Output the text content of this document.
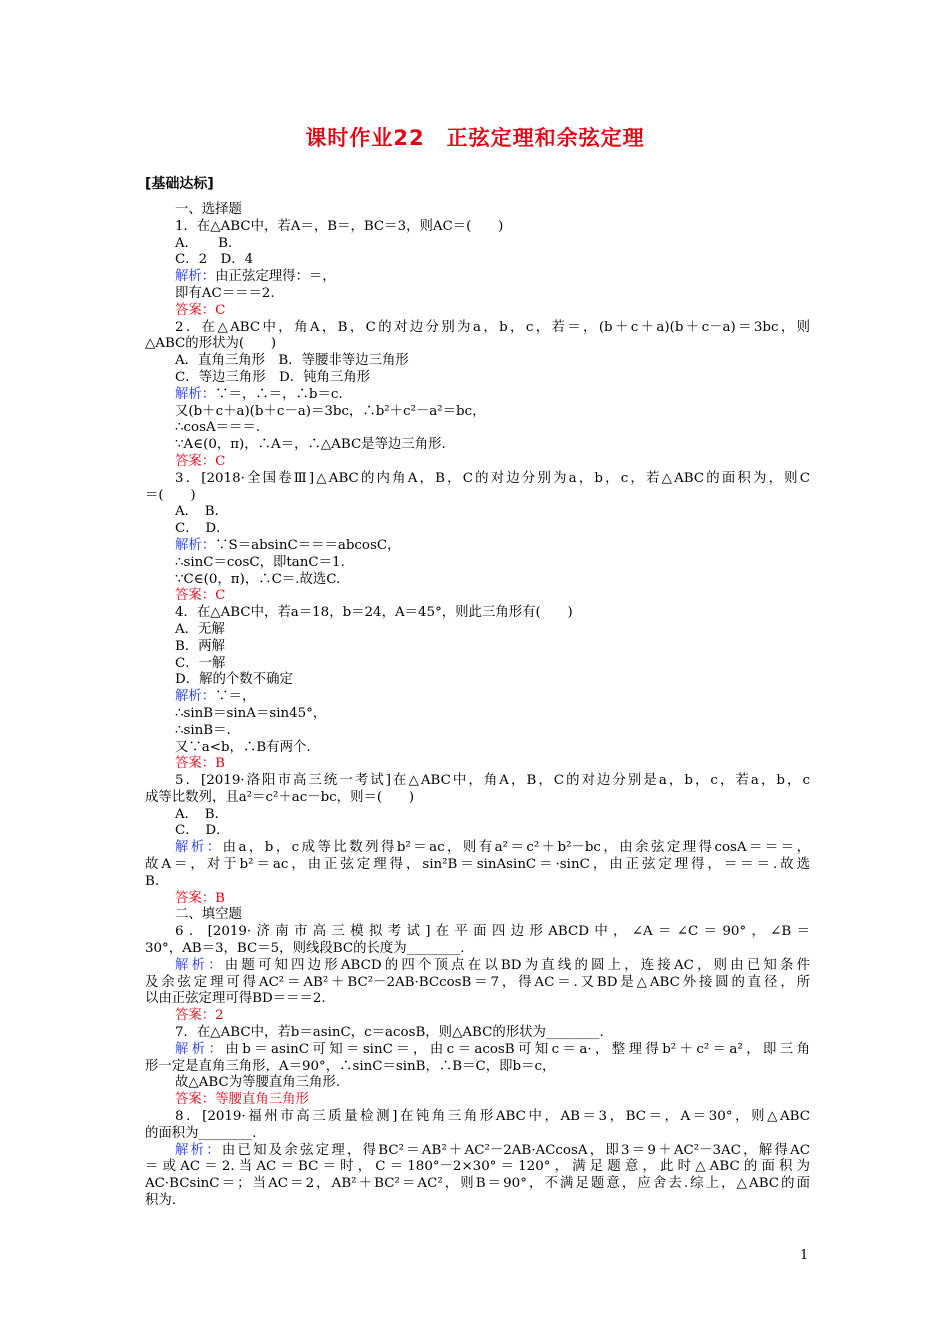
课时作业22　正弦定理和余弦定理
[基础达标]
一、选择题
1．在△ABC中，若A＝，B＝，BC＝3，则AC＝(　　)
A．　　B．
C．2　D．4
解析：由正弦定理得：＝，
即有AC＝＝＝2.
答案：C
2．在△ABC中，角A，B，C的对边分别为a，b，c，若＝，(b＋c＋a)(b＋c－a)＝3bc，则
△ABC的形状为(　　)
A．直角三角形　B．等腰非等边三角形
C．等边三角形　D．钝角三角形
解析：∵＝，∴＝，∴b＝c.
又(b＋c＋a)(b＋c－a)＝3bc，∴b²＋c²－a²＝bc，
∴cosA＝＝＝.
∵A∈(0，π)，∴A＝，∴△ABC是等边三角形.
答案：C
3．[2018·全国卷Ⅲ]△ABC的内角A，B，C的对边分别为a，b，c，若△ABC的面积为，则C
＝(　　)
A．　B．
C．　D．
解析：∵S＝absinC＝＝＝abcosC，
∴sinC＝cosC，即tanC＝1.
∵C∈(0，π)，∴C＝.故选C.
答案：C
4．在△ABC中，若a＝18，b＝24，A＝45°，则此三角形有(　　)
A．无解
B．两解
C．一解
D．解的个数不确定
解析：∵＝，
∴sinB＝sinA＝sin45°，
∴sinB＝.
又∵a<b，∴B有两个.
答案：B
5．[2019·洛阳市高三统一考试]在△ABC中，角A，B，C的对边分别是a，b，c，若a，b，c
成等比数列，且a²＝c²＋ac－bc，则＝(　　)
A．　B．
C．　D．
解析：由a，b，c成等比数列得b²＝ac，则有a²＝c²＋b²－bc，由余弦定理得cosA＝＝＝，
故A＝，对于b²＝ac，由正弦定理得，sin²B＝sinAsinC＝·sinC，由正弦定理得，＝＝＝.故选
B.
答案：B
二、填空题
6．[2019·济南市高三模拟考试]在平面四边形ABCD中，∠A＝∠C＝90°，∠B＝
30°，AB＝3，BC＝5，则线段BC的长度为________.
解析：由题可知四边形ABCD的四个顶点在以BD为直线的圆上，连接AC，则由已知条件
及余弦定理可得AC²＝AB²＋BC²－2AB·BCcosB＝7，得AC＝.又BD是△ABC外接圆的直径，所
以由正弦定理可得BD＝＝＝2.
答案：2
7．在△ABC中，若b＝asinC，c＝acosB，则△ABC的形状为________.
解析：由b＝asinC可知＝sinC＝，由c＝acosB可知c＝a·，整理得b²＋c²＝a²，即三角
形一定是直角三角形，A＝90°，∴sinC＝sinB，∴B＝C，即b＝c，
故△ABC为等腰直角三角形.
答案：等腰直角三角形
8．[2019·福州市高三质量检测]在钝角三角形ABC中，AB＝3，BC＝，A＝30°，则△ABC
的面积为________.
解析：由已知及余弦定理，得BC²＝AB²＋AC²－2AB·ACcosA，即3＝9＋AC²－3AC，解得AC
＝或AC＝2.当AC＝BC＝时，C＝180°－2×30°＝120°，满足题意，此时△ABC的面积为
AC·BCsinC＝；当AC＝2，AB²＋BC²＝AC²，则B＝90°，不满足题意，应舍去.综上，△ABC的面
积为.
1
